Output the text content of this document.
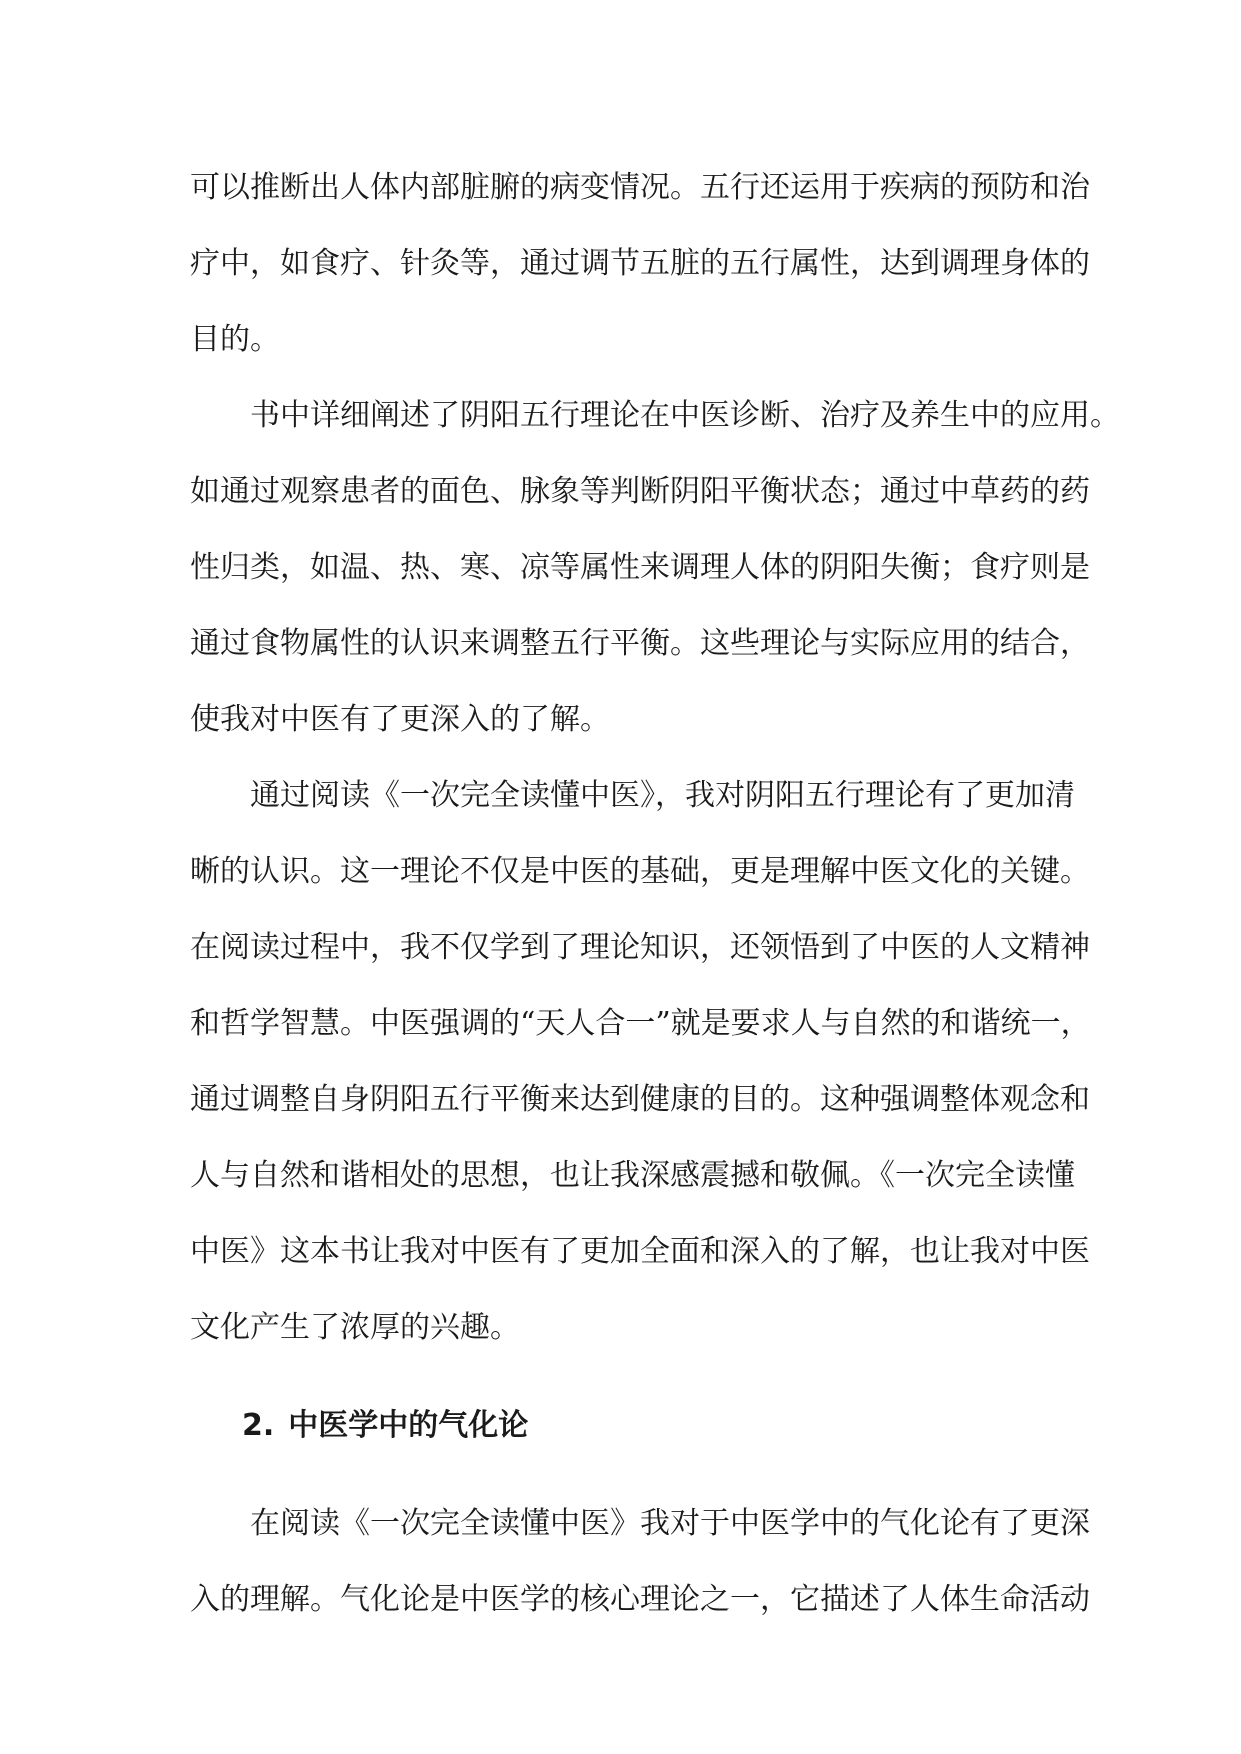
可以推断出人体内部脏腑的病变情况。五行还运用于疾病的预防和治
疗中，如食疗、针灸等，通过调节五脏的五行属性，达到调理身体的
目的。
书中详细阐述了阴阳五行理论在中医诊断、治疗及养生中的应用。
如通过观察患者的面色、脉象等判断阴阳平衡状态；通过中草药的药
性归类，如温、热、寒、凉等属性来调理人体的阴阳失衡；食疗则是
通过食物属性的认识来调整五行平衡。这些理论与实际应用的结合，
使我对中医有了更深入的了解。
通过阅读《一次完全读懂中医》，我对阴阳五行理论有了更加清
晰的认识。这一理论不仅是中医的基础，更是理解中医文化的关键。
在阅读过程中，我不仅学到了理论知识，还领悟到了中医的人文精神
和哲学智慧。中医强调的“天人合一”就是要求人与自然的和谐统一，
通过调整自身阴阳五行平衡来达到健康的目的。这种强调整体观念和
人与自然和谐相处的思想，也让我深感震撼和敬佩。《一次完全读懂
中医》这本书让我对中医有了更加全面和深入的了解，也让我对中医
文化产生了浓厚的兴趣。
2. 中医学中的气化论
在阅读《一次完全读懂中医》我对于中医学中的气化论有了更深
入的理解。气化论是中医学的核心理论之一，它描述了人体生命活动
